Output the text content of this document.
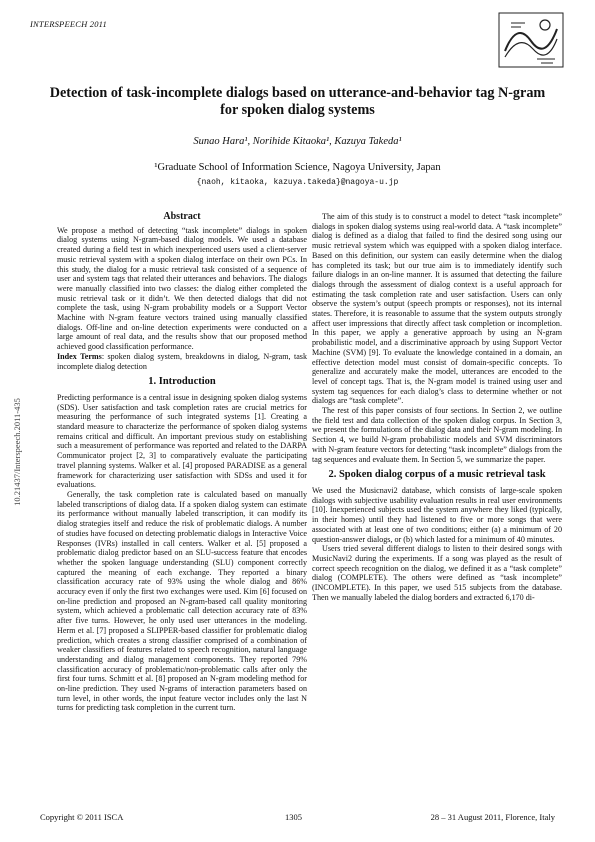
INTERSPEECH 2011
Detection of task-incomplete dialogs based on utterance-and-behavior tag N-gram for spoken dialog systems
Sunao Hara¹, Norihide Kitaoka¹, Kazuya Takeda¹
¹Graduate School of Information Science, Nagoya University, Japan
{naoh, kitaoka, kazuya.takeda}@nagoya-u.jp
10.21437/Interspeech.2011-435
Abstract

We propose a method of detecting “task incomplete” dialogs in spoken dialog systems using N-gram-based dialog models. We used a database created during a field test in which inexperienced users used a client-server music retrieval system with a spoken dialog interface on their own PCs. In this study, the dialog for a music retrieval task consisted of a sequence of user and system tags that related their utterances and behaviors. The dialogs were manually classified into two classes: the dialog either completed the music retrieval task or it didn’t. We then detected dialogs that did not complete the task, using N-gram probability models or a Support Vector Machine with N-gram feature vectors trained using manually classified dialogs. Off-line and on-line detection experiments were conducted on a large amount of real data, and the results show that our proposed method achieved good classification performance.

Index Terms: spoken dialog system, breakdowns in dialog, N-gram, task incomplete dialog detection

1. Introduction

Predicting performance is a central issue in designing spoken dialog systems (SDS). User satisfaction and task completion rates are crucial metrics for measuring the performance of such integrated systems [1]. Creating a standard measure to characterize the performance of spoken dialog systems remains critical and difficult. An important previous study on establishing such a measurement of performance was reported and related to the DARPA Communicator project [2, 3] to comparatively evaluate the participating travel planning systems. Walker et al. [4] proposed PARADISE as a general framework for characterizing user satisfaction with SDSs and used it for evaluations.

Generally, the task completion rate is calculated based on manually labeled transcriptions of dialog data. If a spoken dialog system can estimate its performance without manually labeled transcription, it can modify its dialog strategies itself and reduce the risk of problematic dialogs. A number of studies have focused on detecting problematic dialogs in Interactive Voice Responses (IVRs) installed in call centers. Walker et al. [5] proposed a problematic dialog predictor based on an SLU-success feature that encodes whether the spoken language understanding (SLU) component correctly captured the meaning of each exchange. They reported a binary classification accuracy rate of 93% using the whole dialog and 86% accuracy even if only the first two exchanges were used. Kim [6] focused on on-line prediction and proposed an N-gram-based call quality monitoring system, which achieved a problematic call detection accuracy rate of 83% after five turns. However, he only used user utterances in the modeling. Herm et al. [7] proposed a SLIPPER-based classifier for problematic dialog prediction, which creates a strong classifier comprised of a combination of weaker classifiers of features related to speech recognition, natural language understanding and dialog management components. They reported 79% classification accuracy of problematic/non-problematic calls after only the first four turns. Schmitt et al. [8] proposed an N-gram modeling method for on-line prediction. They used N-grams of interaction parameters based on turn level, in other words, the input feature vector includes only the last N turns for predicting task completion in the current turn.

The aim of this study is to construct a model to detect “task incomplete” dialogs in spoken dialog systems using real-world data. A “task incomplete” dialog is defined as a dialog that failed to find the desired song using our music retrieval system which was equipped with a spoken dialog interface. Based on this definition, our system can easily determine when the dialog has completed its task; but our true aim is to immediately identify such failure dialogs in an on-line manner. It is assumed that detecting the failure dialogs through the assessment of dialog context is a useful approach for estimating the task completion rate and user satisfaction. Users can only observe the system’s output (speech prompts or responses), not its internal states. Therefore, it is reasonable to assume that the system outputs strongly affect user impressions that directly affect task completion or incompletion. In this paper, we apply a generative approach by using an N-gram probabilistic model, and a discriminative approach by using Support Vector Machine (SVM) [9]. To evaluate the knowledge contained in a domain, an effective detection model must consist of domain-specific concepts. To generalize and accurately make the model, utterances are encoded to the level of concept tags. That is, the N-gram model is trained using user and system tag sequences for each dialog’s class to determine whether or not dialogs are “task complete”.

The rest of this paper consists of four sections. In Section 2, we outline the field test and data collection of the spoken dialog corpus. In Section 3, we present the formulations of the dialog data and their N-gram modeling. In Section 4, we build N-gram probabilistic models and SVM discriminators with N-gram feature vectors for detecting “task incomplete” dialogs from the tag sequences and evaluate them. In Section 5, we summarize the paper.

2. Spoken dialog corpus of a music retrieval task

We used the Musicnavi2 database, which consists of large-scale spoken dialogs with subjective usability evaluation results in real user environments [10]. Inexperienced subjects used the system anywhere they liked (typically, in their homes) until they had listened to five or more songs that were associated with at least one of two conditions; either (a) a minimum of 20 question-answer dialogs, or (b) which lasted for a minimum of 40 minutes.

Users tried several different dialogs to listen to their desired songs with MusicNavi2 during the experiments. If a song was played as the result of correct speech recognition on the dialog, we defined it as a “task complete” dialog (COMPLETE). The others were defined as “task incomplete” (INCOMPLETE). In this paper, we used 515 subjects from the database. Then we manually labeled the dialog borders and extracted 6,170 di-

Copyright © 2011 ISCA	1305	28 – 31 August 2011, Florence, Italy
